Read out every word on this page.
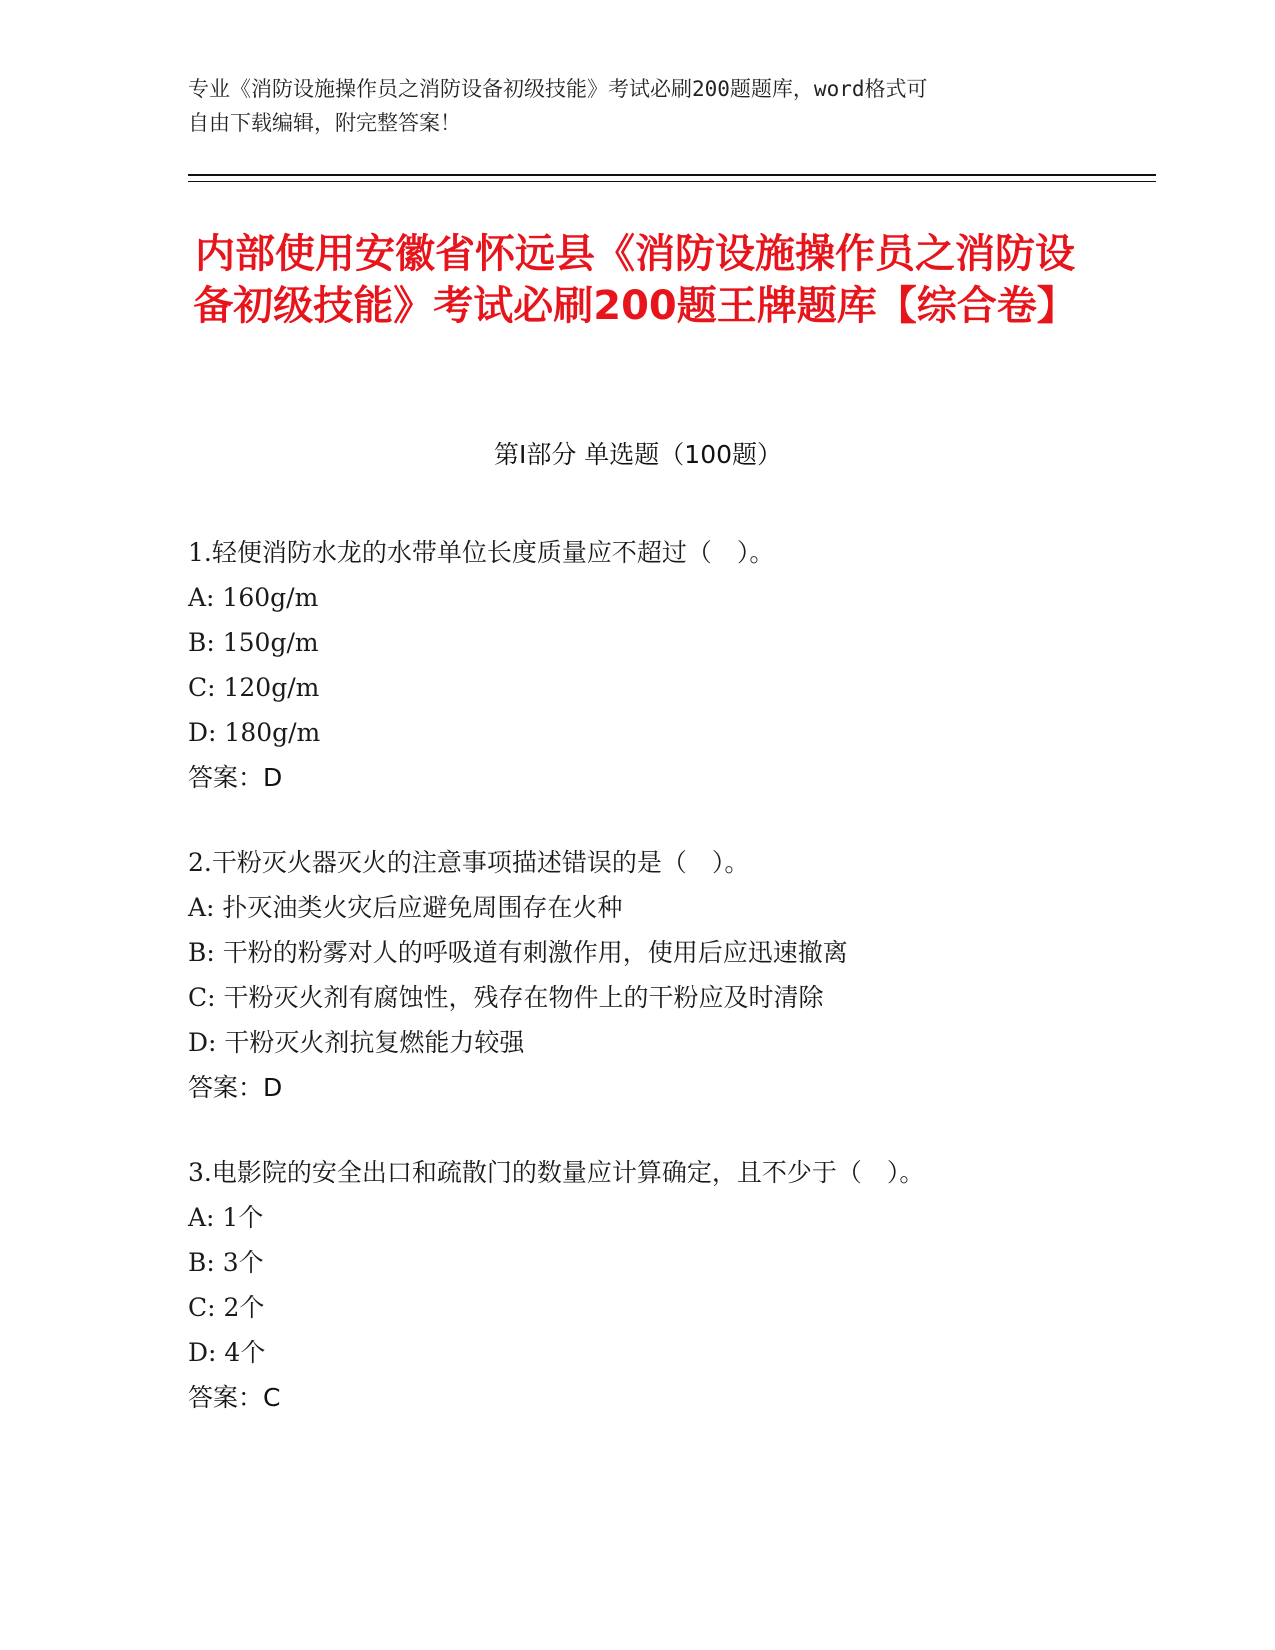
专业《消防设施操作员之消防设备初级技能》考试必刷200题题库，word格式可
自由下载编辑，附完整答案！
内部使用安徽省怀远县《消防设施操作员之消防设备初级技能》考试必刷200题王牌题库【综合卷】
第Ⅰ部分 单选题（100题）
1.轻便消防水龙的水带单位长度质量应不超过（　）。
A: 160g/m
B: 150g/m
C: 120g/m
D: 180g/m
答案：D
2.干粉灭火器灭火的注意事项描述错误的是（　）。
A: 扑灭油类火灾后应避免周围存在火种
B: 干粉的粉雾对人的呼吸道有刺激作用，使用后应迅速撤离
C: 干粉灭火剂有腐蚀性，残存在物件上的干粉应及时清除
D: 干粉灭火剂抗复燃能力较强
答案：D
3.电影院的安全出口和疏散门的数量应计算确定，且不少于（　）。
A: 1个
B: 3个
C: 2个
D: 4个
答案：C
